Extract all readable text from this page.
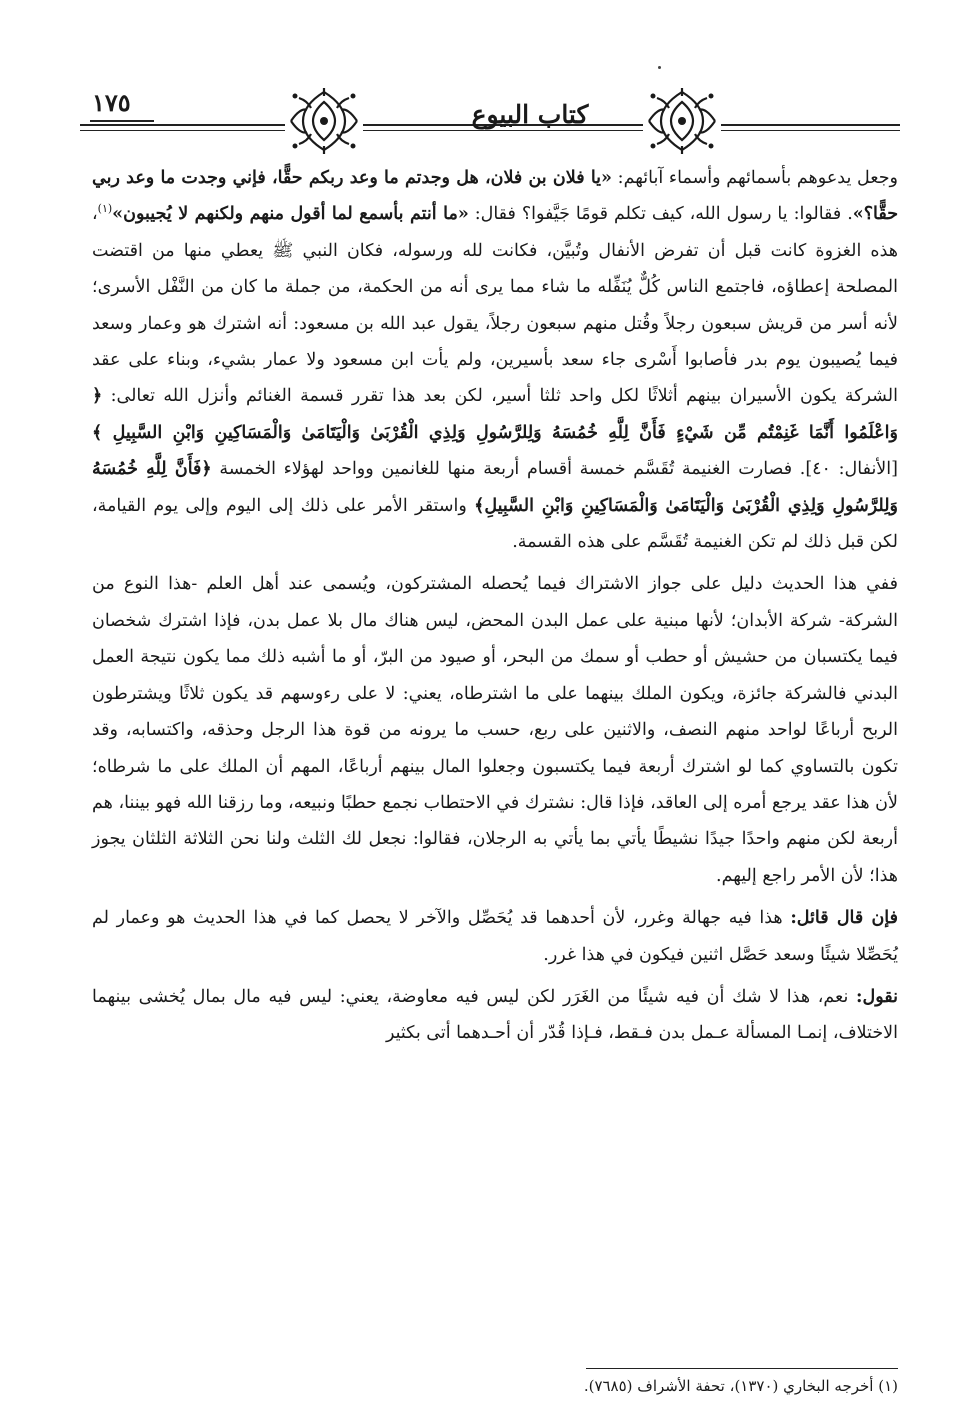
١٧٥	كتاب البيوع

وجعل يدعوهم بأسمائهم وأسماء آبائهم: «يا فلان بن فلان، هل وجدتم ما وعد ربكم حقًّا، فإني وجدت ما وعد ربي حقًّا؟». فقالوا: يا رسول الله، كيف تكلم قومًا جَيَّفوا؟ فقال: «ما أنتم بأسمع لما أقول منهم ولكنهم لا يُجيبون»$^{(١)}$، هذه الغزوة كانت قبل أن تفرض الأنفال وتُبيَّن، فكانت لله ورسوله، فكان النبي ﷺ يعطي منها من اقتضت المصلحة إعطاؤه، فاجتمع الناس كُلٌّ يُنَفِّله ما شاء مما يرى أنه من الحكمة، من جملة ما كان من النَّفْل الأسرى؛ لأنه أسر من قريش سبعون رجلاً وقُتل منهم سبعون رجلاً، يقول عبد الله بن مسعود: أنه اشترك هو وعمار وسعد فيما يُصيبون يوم بدر فأصابوا أَسْرى جاء سعد بأسيرين، ولم يأت ابن مسعود ولا عمار بشيء، وبناء على عقد الشركة يكون الأسيران بينهم أثلاثًا لكل واحد ثلثا أسير، لكن بعد هذا تقرر قسمة الغنائم وأنزل الله تعالى: ﴿ وَاعْلَمُوا أَنَّمَا غَنِمْتُم مِّن شَيْءٍ فَأَنَّ لِلَّهِ خُمُسَهُ وَلِلرَّسُولِ وَلِذِي الْقُرْبَىٰ وَالْيَتَامَىٰ وَالْمَسَاكِينِ وَابْنِ السَّبِيلِ ﴾ [الأنفال: ٤٠]. فصارت الغنيمة تُقَسَّم خمسة أقسام أربعة منها للغانمين وواحد لهؤلاء الخمسة ﴿فَأَنَّ لِلَّهِ خُمُسَهُ وَلِلرَّسُولِ وَلِذِي الْقُرْبَىٰ وَالْيَتَامَىٰ وَالْمَسَاكِينِ وَابْنِ السَّبِيلِ﴾ واستقر الأمر على ذلك إلى اليوم وإلى يوم القيامة، لكن قبل ذلك لم تكن الغنيمة تُقَسَّم على هذه القسمة.

ففي هذا الحديث دليل على جواز الاشتراك فيما يُحصله المشتركون، ويُسمى عند أهل العلم -هذا النوع من الشركة- شركة الأبدان؛ لأنها مبنية على عمل البدن المحض، ليس هناك مال بلا عمل بدن، فإذا اشترك شخصان فيما يكتسبان من حشيش أو حطب أو سمك من البحر، أو صيود من البرّ، أو ما أشبه ذلك مما يكون نتيجة العمل البدني فالشركة جائزة، ويكون الملك بينهما على ما اشترطاه، يعني: لا على رءوسهم قد يكون ثلاثًا ويشترطون الربح أرباعًا لواحد منهم النصف، والاثنين على ربع، حسب ما يرونه من قوة هذا الرجل وحذقه، واكتسابه، وقد تكون بالتساوي كما لو اشترك أربعة فيما يكتسبون وجعلوا المال بينهم أرباعًا، المهم أن الملك على ما شرطاه؛ لأن هذا عقد يرجع أمره إلى العاقد، فإذا قال: نشترك في الاحتطاب نجمع حطبًا ونبيعه، وما رزقنا الله فهو بيننا، هم أربعة لكن منهم واحدًا جيدًا نشيطًا يأتي بما يأتي به الرجلان، فقالوا: نجعل لك الثلث ولنا نحن الثلاثة الثلثان يجوز هذا؛ لأن الأمر راجع إليهم.

فإن قال قائل: هذا فيه جهالة وغرر، لأن أحدهما قد يُحَصِّل والآخر لا يحصل كما في هذا الحديث هو وعمار لم يُحَصِّلا شيئًا وسعد حَصَّل اثنين فيكون في هذا غرر.

نقول: نعم، هذا لا شك أن فيه شيئًا من الغَرَر لكن ليس فيه معاوضة، يعني: ليس فيه مال بمال يُخشى بينهما الاختلاف، إنمـا المسألة عـمل بدن فـقط، فـإذا قُدّر أن أحـدهما أتى بكثير

(١) أخرجه البخاري (١٣٧٠)، تحفة الأشراف (٧٦٨٥).
